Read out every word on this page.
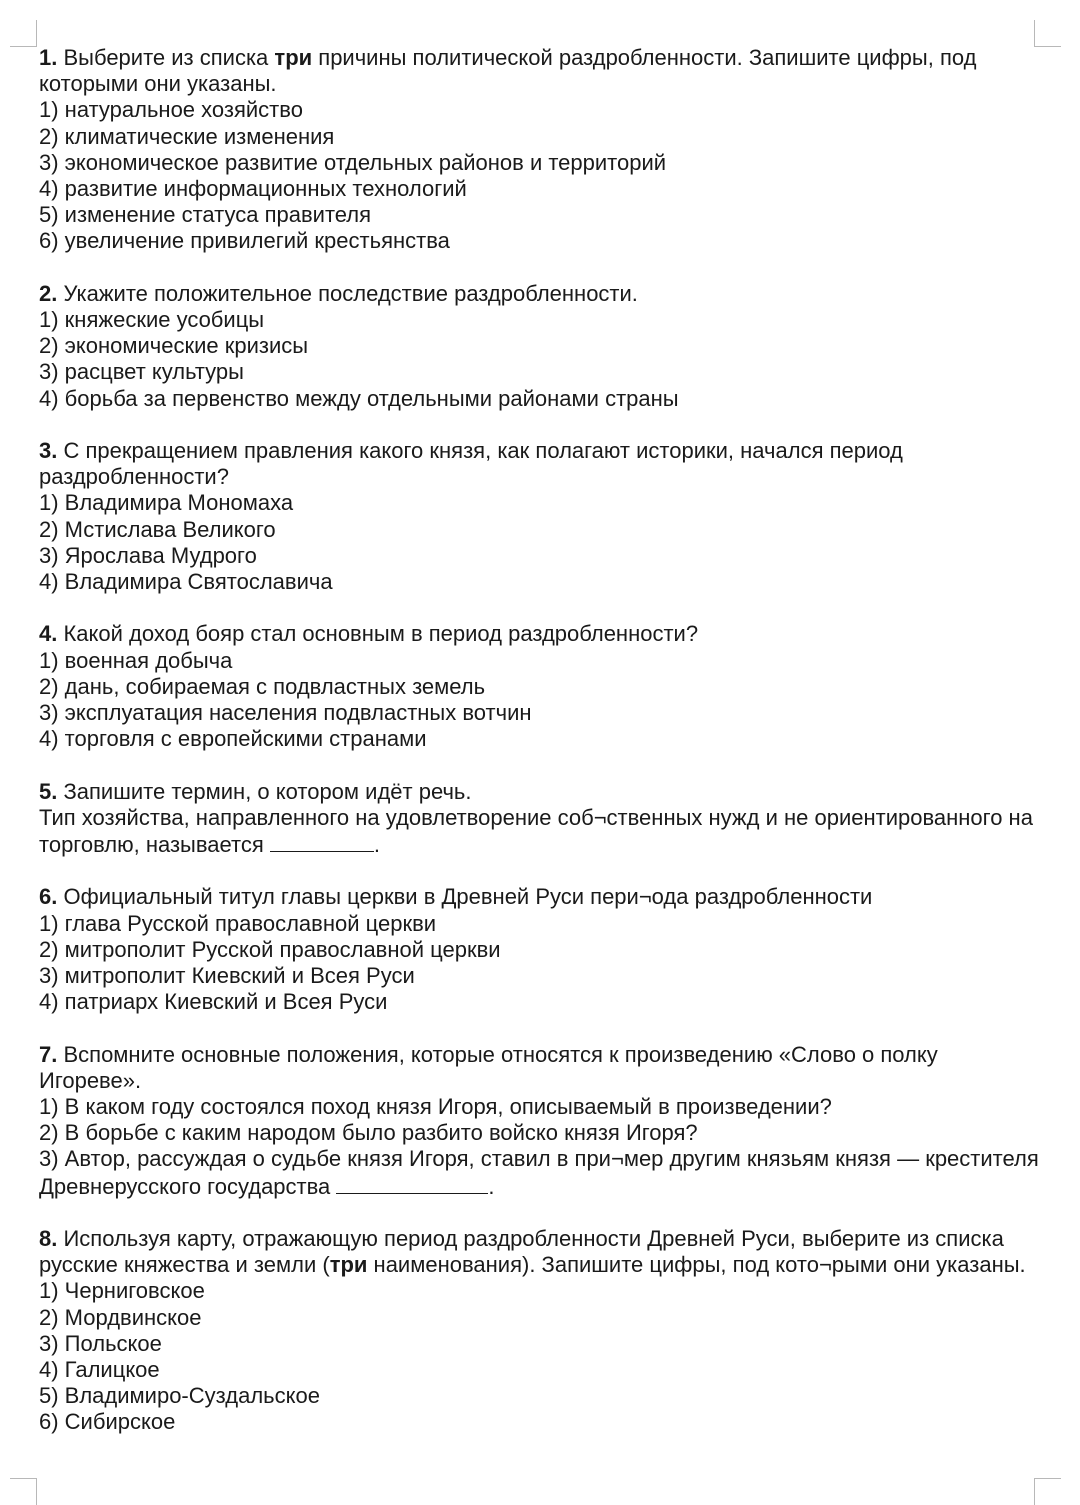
1. Выберите из списка три причины политической раздробленности. Запишите цифры, под которыми они указаны.

1) натуральное хозяйство

2) климатические изменения

3) экономическое развитие отдельных районов и территорий

4) развитие информационных технологий

5) изменение статуса правителя

6) увеличение привилегий крестьянства

2. Укажите положительное последствие раздробленности.

1) княжеские усобицы

2) экономические кризисы

3) расцвет культуры

4) борьба за первенство между отдельными районами страны

3. С прекращением правления какого князя, как полагают историки, начался период раздробленности?

1) Владимира Мономаха

2) Мстислава Великого

3) Ярослава Мудрого

4) Владимира Святославича

4. Какой доход бояр стал основным в период раздробленности?

1) военная добыча

2) дань, собираемая с подвластных земель

3) эксплуатация населения подвластных вотчин

4) торговля с европейскими странами

5. Запишите термин, о котором идёт речь.

Тип хозяйства, направленного на удовлетворение соб¬ственных нужд и не ориентированного на торговлю, называется	.

6. Официальный титул главы церкви в Древней Руси пери¬ода раздробленности

1) глава Русской православной церкви

2) митрополит Русской православной церкви

3) митрополит Киевский и Всея Руси

4) патриарх Киевский и Всея Руси

7. Вспомните основные положения, которые относятся к произведению «Слово о полку Игореве».

1) В каком году состоялся поход князя Игоря, описываемый в произведении?

2) В борьбе с каким народом было разбито войско князя Игоря?

3) Автор, рассуждая о судьбе князя Игоря, ставил в при¬мер другим князьям князя — крестителя Древнерусского государства	.

8. Используя карту, отражающую период раздробленности Древней Руси, выберите из списка русские княжества и земли (три наименования). Запишите цифры, под кото¬рыми они указаны.

1) Черниговское

2) Мордвинское

3) Польское

4) Галицкое

5) Владимиро-Суздальское

6) Сибирское
